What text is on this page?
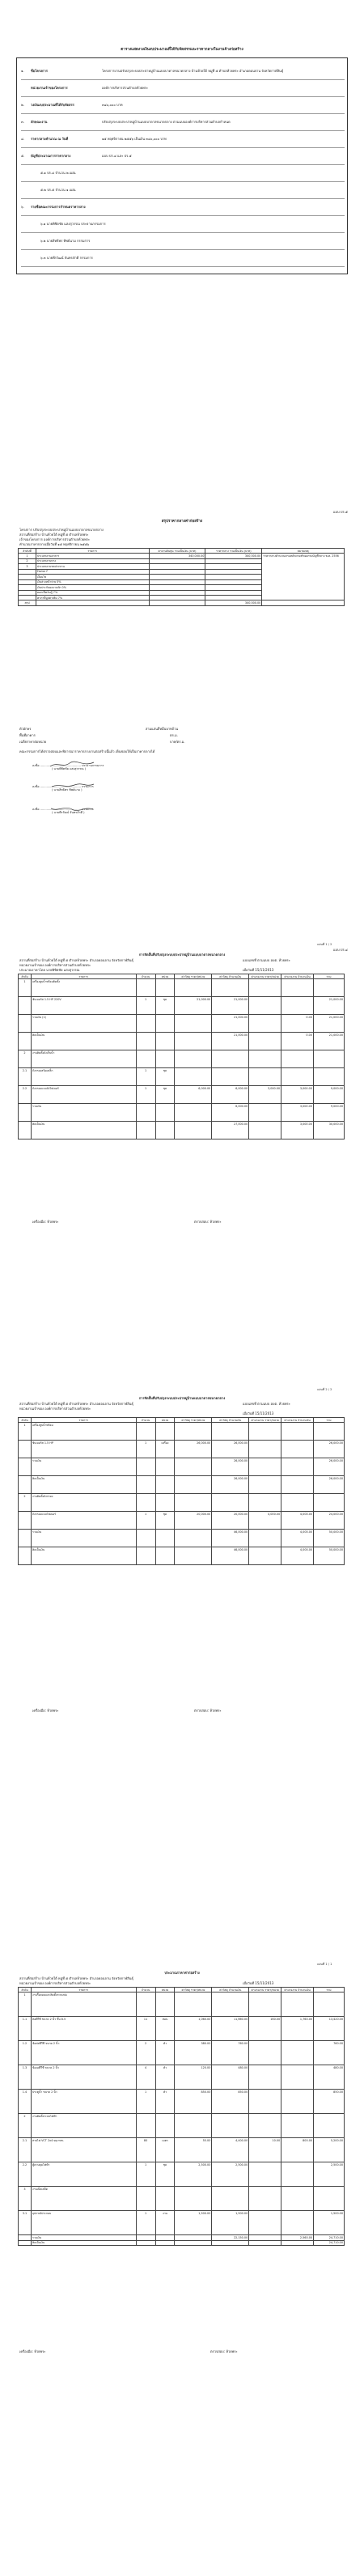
ตารางแสดงวงเงินงบประมาณที่ได้รับจัดสรรและราคากลางในงานจ้างก่อสร้าง
๑.	ชื่อโครงการ	โครงการงานปรับปรุงระบบประปาหมู่บ้านแบบบาดาลขนาดกลาง บ้านห้วยใต้ หมู่ที่ ๕ ตำบลห้วยพระ อำเภอดอนจาน จังหวัดกาฬสินธุ์
หน่วยงานเจ้าของโครงการ	องค์การบริหารส่วนตำบลห้วยพระ
๒.	วงเงินงบประมาณที่ได้รับจัดสรร	๓๔๐,๐๐๐ บาท
๓.	ลักษณะงาน	ปรับปรุงระบบประปาหมู่บ้านแบบบาดาลขนาดกลาง ตามแบบองค์การบริหารส่วนตำบลกำหนด
๔.	ราคากลางคำนวณ ณ วันที่	๑๕ พฤศจิกายน ๒๕๕๖ เป็นเงิน ๓๔๐,๐๐๐ บาท
๕.	บัญชีประมาณการราคากลาง	แบบ ปร.๔ และ ปร.๕
๕.๑ ปร.๔ จำนวน ๒ แผ่น
๕.๒ ปร.๕ จำนวน ๑ แผ่น
๖.	รายชื่อคณะกรรมการกำหนดราคากลาง
๖.๑ นายพิชิตชัย แสงสุวรรณ ประธานกรรมการ
๖.๒ นายสิทธิพร ทิพย์นาม กรรมการ
๖.๓ นายพีรวัฒน์ จันทรภักดี กรรมการ
แบบ ปร.๕
สรุปราคากลางค่าก่อสร้าง
โครงการ ปรับปรุงระบบประปาหมู่บ้านแบบบาดาลขนาดกลาง
สถานที่ก่อสร้าง บ้านห้วยใต้ หมู่ที่ ๕ ตำบลห้วยพระ
เจ้าของโครงการ องค์การบริหารส่วนตำบลห้วยพระ
คำนวณราคากลางเมื่อวันที่ ๑๕ พฤศจิกายน ๒๕๕๖
ลำดับที่	รายการ	ค่างานต้นทุน รวมเป็นเงิน (บาท)	ราคากลาง รวมเป็นเงิน (บาท)	หมายเหตุ
1	ประเภทงานอาคาร	340,000.00	340,000.00	ราคากลางคำนวณตามหลักเกณฑ์ของกรมบัญชีกลาง พ.ศ. 2556
2	ประเภทงานทาง			
3	ประเภทงานชลประทาน			
	Factor F			
	เงื่อนไข			
	เงินล่วงหน้าจ่าย 0%			
	เงินประกันผลงานหัก 0%			
	ดอกเบี้ยเงินกู้ 7%			
	ค่าภาษีมูลค่าเพิ่ม 7%			
สรุป			340,000.00	
ตัวอักษร	สามแสนสี่หมื่นบาทถ้วน
พื้นที่อาคาร	ตร.ม.
เฉลี่ยราคาต่อหน่วย	บาท/ตร.ม.
คณะกรรมการได้ตรวจสอบและพิจารณาราคากลางงานก่อสร้างนี้แล้ว เห็นชอบให้เป็นราคากลางได้
ลงชื่อ ............................................ ประธานกรรมการ
( นายพิชิตชัย แสงสุวรรณ )
ลงชื่อ ............................................ กรรมการ
( นายสิทธิพร ทิพย์นาม )
ลงชื่อ ............................................ กรรมการ
( นายพีรวัฒน์ จันทรภักดี )
แผ่นที่ 1 / 2
แบบ ปร.๔
การจัดสั้นที่ปรับปรุงระบบประปาหมู่บ้านแบบบาดาลขนาดกลาง
สถานที่ก่อสร้าง บ้านห้วยใต้ หมู่ที่ ๕ ตำบลห้วยพระ อำเภอดอนจาน จังหวัดกาฬสินธุ์	แบบเลขที่ ตามแบบ อบต. ห้วยพระ
หน่วยงานเจ้าของ องค์การบริหารส่วนตำบลห้วยพระ
ประมาณราคาโดย นายพิชิตชัย แสงสุวรรณ	เมื่อวันที่ 15/11/2013
ลำดับ	รายการ	จำนวน	หน่วย	ค่าวัสดุ ราคา/หน่วย	ค่าวัสดุ จำนวนเงิน	ค่าแรงงาน ราคา/หน่วย	ค่าแรงงาน จำนวนเงิน	รวม
1	เครื่องสูบน้ำพร้อมติดตั้ง							
	ซับเมอร์ส 1.5 HP 220V	1	ชุด	21,000.00	21,000.00			21,000.00
	รวมเงิน (1)				21,000.00		0.00	21,000.00
	คิดเป็นเงิน				21,000.00		0.00	21,000.00
2	งานติดตั้งถังเก็บน้ำ							
2.1	ถังกรองสนิมเหล็ก	1	ชุด					
2.2	ถังกรองแบบถังไฟเบอร์	1	ชุด	6,000.00	6,000.00	3,000.00	3,000.00	9,000.00
	รวมเงิน				6,000.00		3,000.00	9,000.00
	คิดเป็นเงิน				27,000.00		3,000.00	30,000.00
เครื่องมือ: ห้วยพระ	ตรวจสอบ: ห้วยพระ
แผ่นที่ 2 / 2
การจัดสั้นที่ปรับปรุงระบบประปาหมู่บ้านแบบบาดาลขนาดกลาง
สถานที่ก่อสร้าง บ้านห้วยใต้ หมู่ที่ ๕ ตำบลห้วยพระ อำเภอดอนจาน จังหวัดกาฬสินธุ์	แบบเลขที่ ตามแบบ อบต. ห้วยพระ
หน่วยงานเจ้าของ องค์การบริหารส่วนตำบลห้วยพระ
เมื่อวันที่ 15/11/2013
ลำดับ	รายการ	จำนวน	หน่วย	ค่าวัสดุ ราคา/หน่วย	ค่าวัสดุ จำนวนเงิน	ค่าแรงงาน ราคา/หน่วย	ค่าแรงงาน จำนวนเงิน	รวม
1	เครื่องสูบน้ำพร้อม							
	ซับเมอร์ส 1.5 HP	1	เครื่อง	26,000.00	26,000.00			26,000.00
	รวมเงิน				26,000.00			26,000.00
	คิดเป็นเงิน				26,000.00			26,000.00
2	งานติดตั้งถังกรอง							
	ถังกรองแบบไฟเบอร์	1	ชุด	20,000.00	20,000.00	4,000.00	4,000.00	24,000.00
	รวมเงิน				46,000.00		4,000.00	50,000.00
	คิดเป็นเงิน				46,000.00		4,000.00	50,000.00
เครื่องมือ: ห้วยพระ	ตรวจสอบ: ห้วยพระ
แผ่นที่ 1 / 1
ประมาณราคาค่าก่อสร้าง
สถานที่ก่อสร้าง บ้านห้วยใต้ หมู่ที่ ๕ ตำบลห้วยพระ อำเภอดอนจาน จังหวัดกาฬสินธุ์
หน่วยงานเจ้าของ องค์การบริหารส่วนตำบลห้วยพระ	เมื่อวันที่ 15/11/2013
ลำดับ	รายการ	จำนวน	หน่วย	ค่าวัสดุ ราคา/หน่วย	ค่าวัสดุ จำนวนเงิน	ค่าแรงงาน ราคา/หน่วย	ค่าแรงงาน จำนวนเงิน	รวม
1	งานรื้อถอนและติดตั้งระบบท่อ							
1.1	ท่อพีวีซี ขนาด 2 นิ้ว ชั้น 8.5	11	ท่อน	1,060.00	11,660.00	160.00	1,760.00	13,420.00
1.2	ข้อต่อพีวีซี ขนาด 2 นิ้ว	2	ตัว	380.00	760.00			760.00
1.3	ข้องอพีวีซี ขนาด 2 นิ้ว	4	ตัว	120.00	480.00			480.00
1.4	ประตูน้ำ ขนาด 2 นิ้ว	1	ตัว	850.00	850.00			850.00
2	งานติดตั้งระบบไฟฟ้า							
2.1	สายไฟ VCT 2x4 sq.mm.	80	เมตร	55.00	4,400.00	10.00	800.00	5,200.00
2.2	ตู้ควบคุมไฟฟ้า	1	ชุด	2,500.00	2,500.00			2,500.00
3	งานเบ็ดเตล็ด							
3.1	อุปกรณ์ประกอบ	1	งาน	1,500.00	1,500.00			1,500.00
	รวมเงิน				22,150.00		2,560.00	24,710.00
	คิดเป็นเงิน							24,710.00
เครื่องมือ: ห้วยพระ	ตรวจสอบ: ห้วยพระ
